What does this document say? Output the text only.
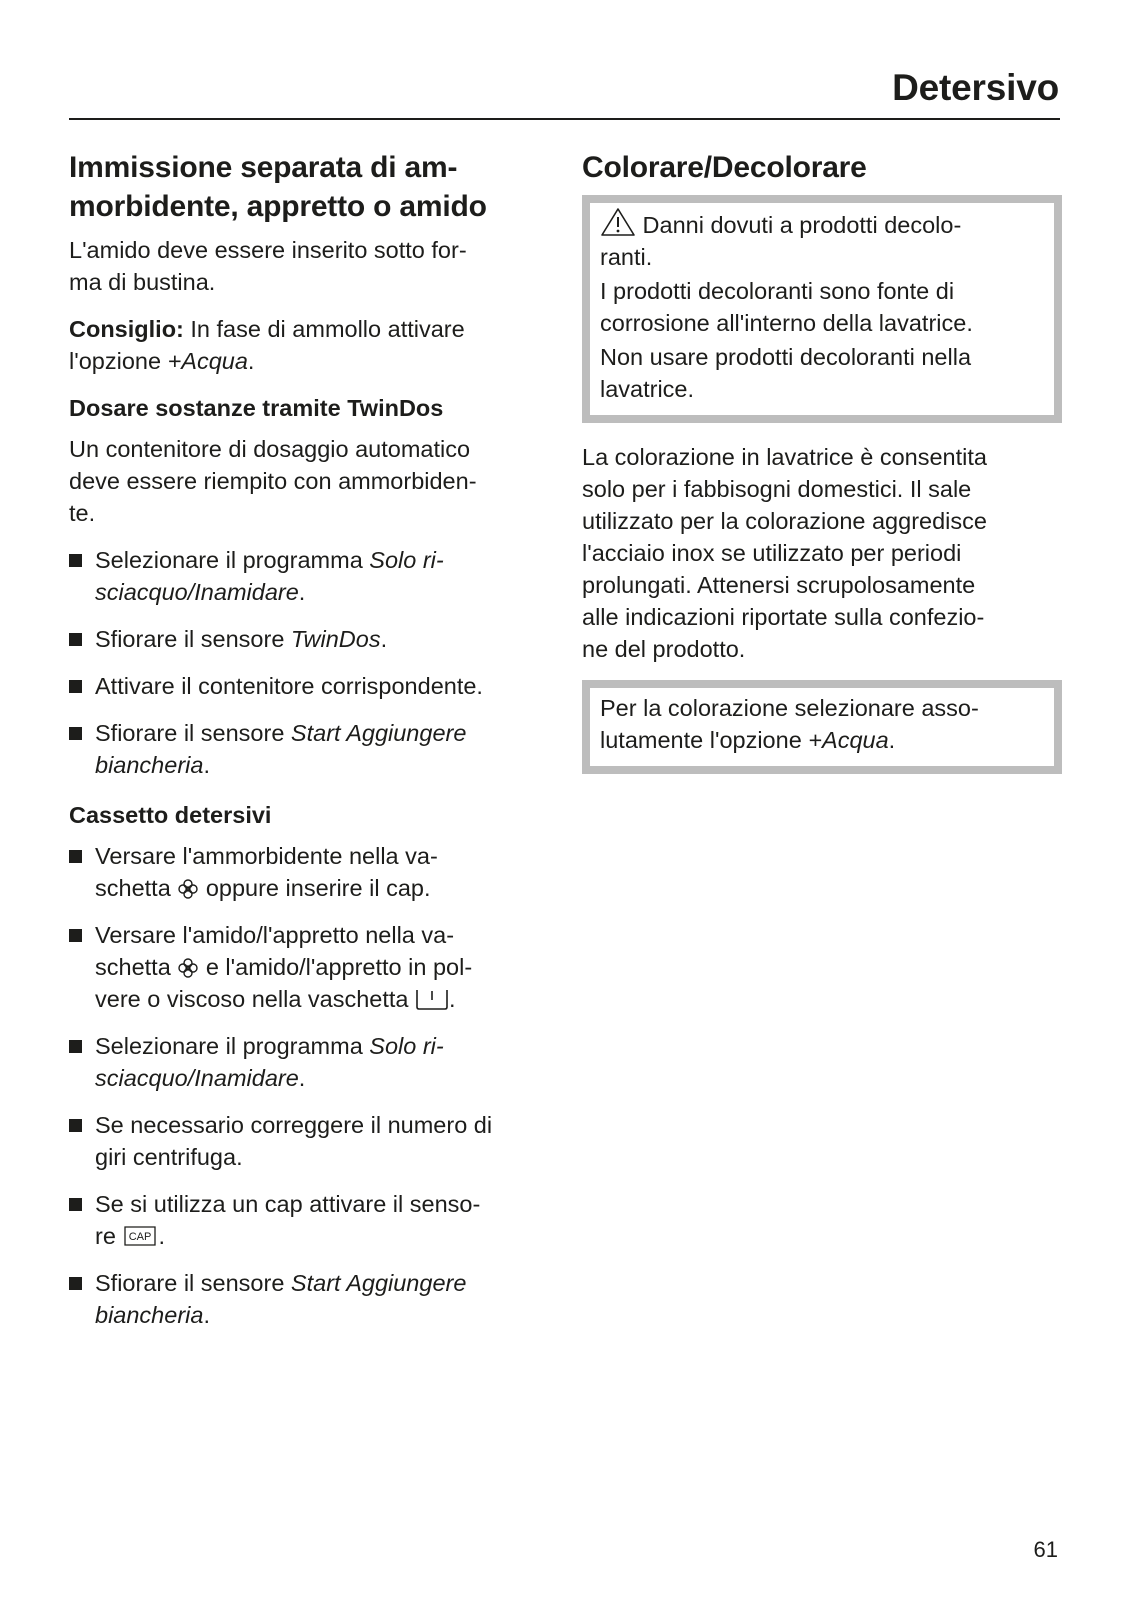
Detersivo
Immissione separata di am-
morbidente, appretto o amido

L'amido deve essere inserito sotto for-
ma di bustina.

Consiglio: In fase di ammollo attivare
l'opzione +Acqua.

Dosare sostanze tramite TwinDos

Un contenitore di dosaggio automatico
deve essere riempito con ammorbiden-
te.

Selezionare il programma Solo ri-
sciacquo/Inamidare.
Sfiorare il sensore TwinDos.
Attivare il contenitore corrispondente.
Sfiorare il sensore Start Aggiungere
biancheria.
Cassetto detersivi
Versare l'ammorbidente nella va-
schetta  oppure inserire il cap.
Versare l'amido/l'appretto nella va-
schetta  e l'amido/l'appretto in pol-
vere o viscoso nella vaschetta .
Selezionare il programma Solo ri-
sciacquo/Inamidare.
Se necessario correggere il numero di
giri centrifuga.
Se si utilizza un cap attivare il senso-
re CAP .
Sfiorare il sensore Start Aggiungere
biancheria.
Colorare/Decolorare

Danni dovuti a prodotti decolo-
ranti.

I prodotti decoloranti sono fonte di
corrosione all'interno della lavatrice.

Non usare prodotti decoloranti nella
lavatrice.

La colorazione in lavatrice è consentita
solo per i fabbisogni domestici. Il sale
utilizzato per la colorazione aggredisce
l'acciaio inox se utilizzato per periodi
prolungati. Attenersi scrupolosamente
alle indicazioni riportate sulla confezio-
ne del prodotto.

Per la colorazione selezionare asso-
lutamente l'opzione +Acqua.

61
